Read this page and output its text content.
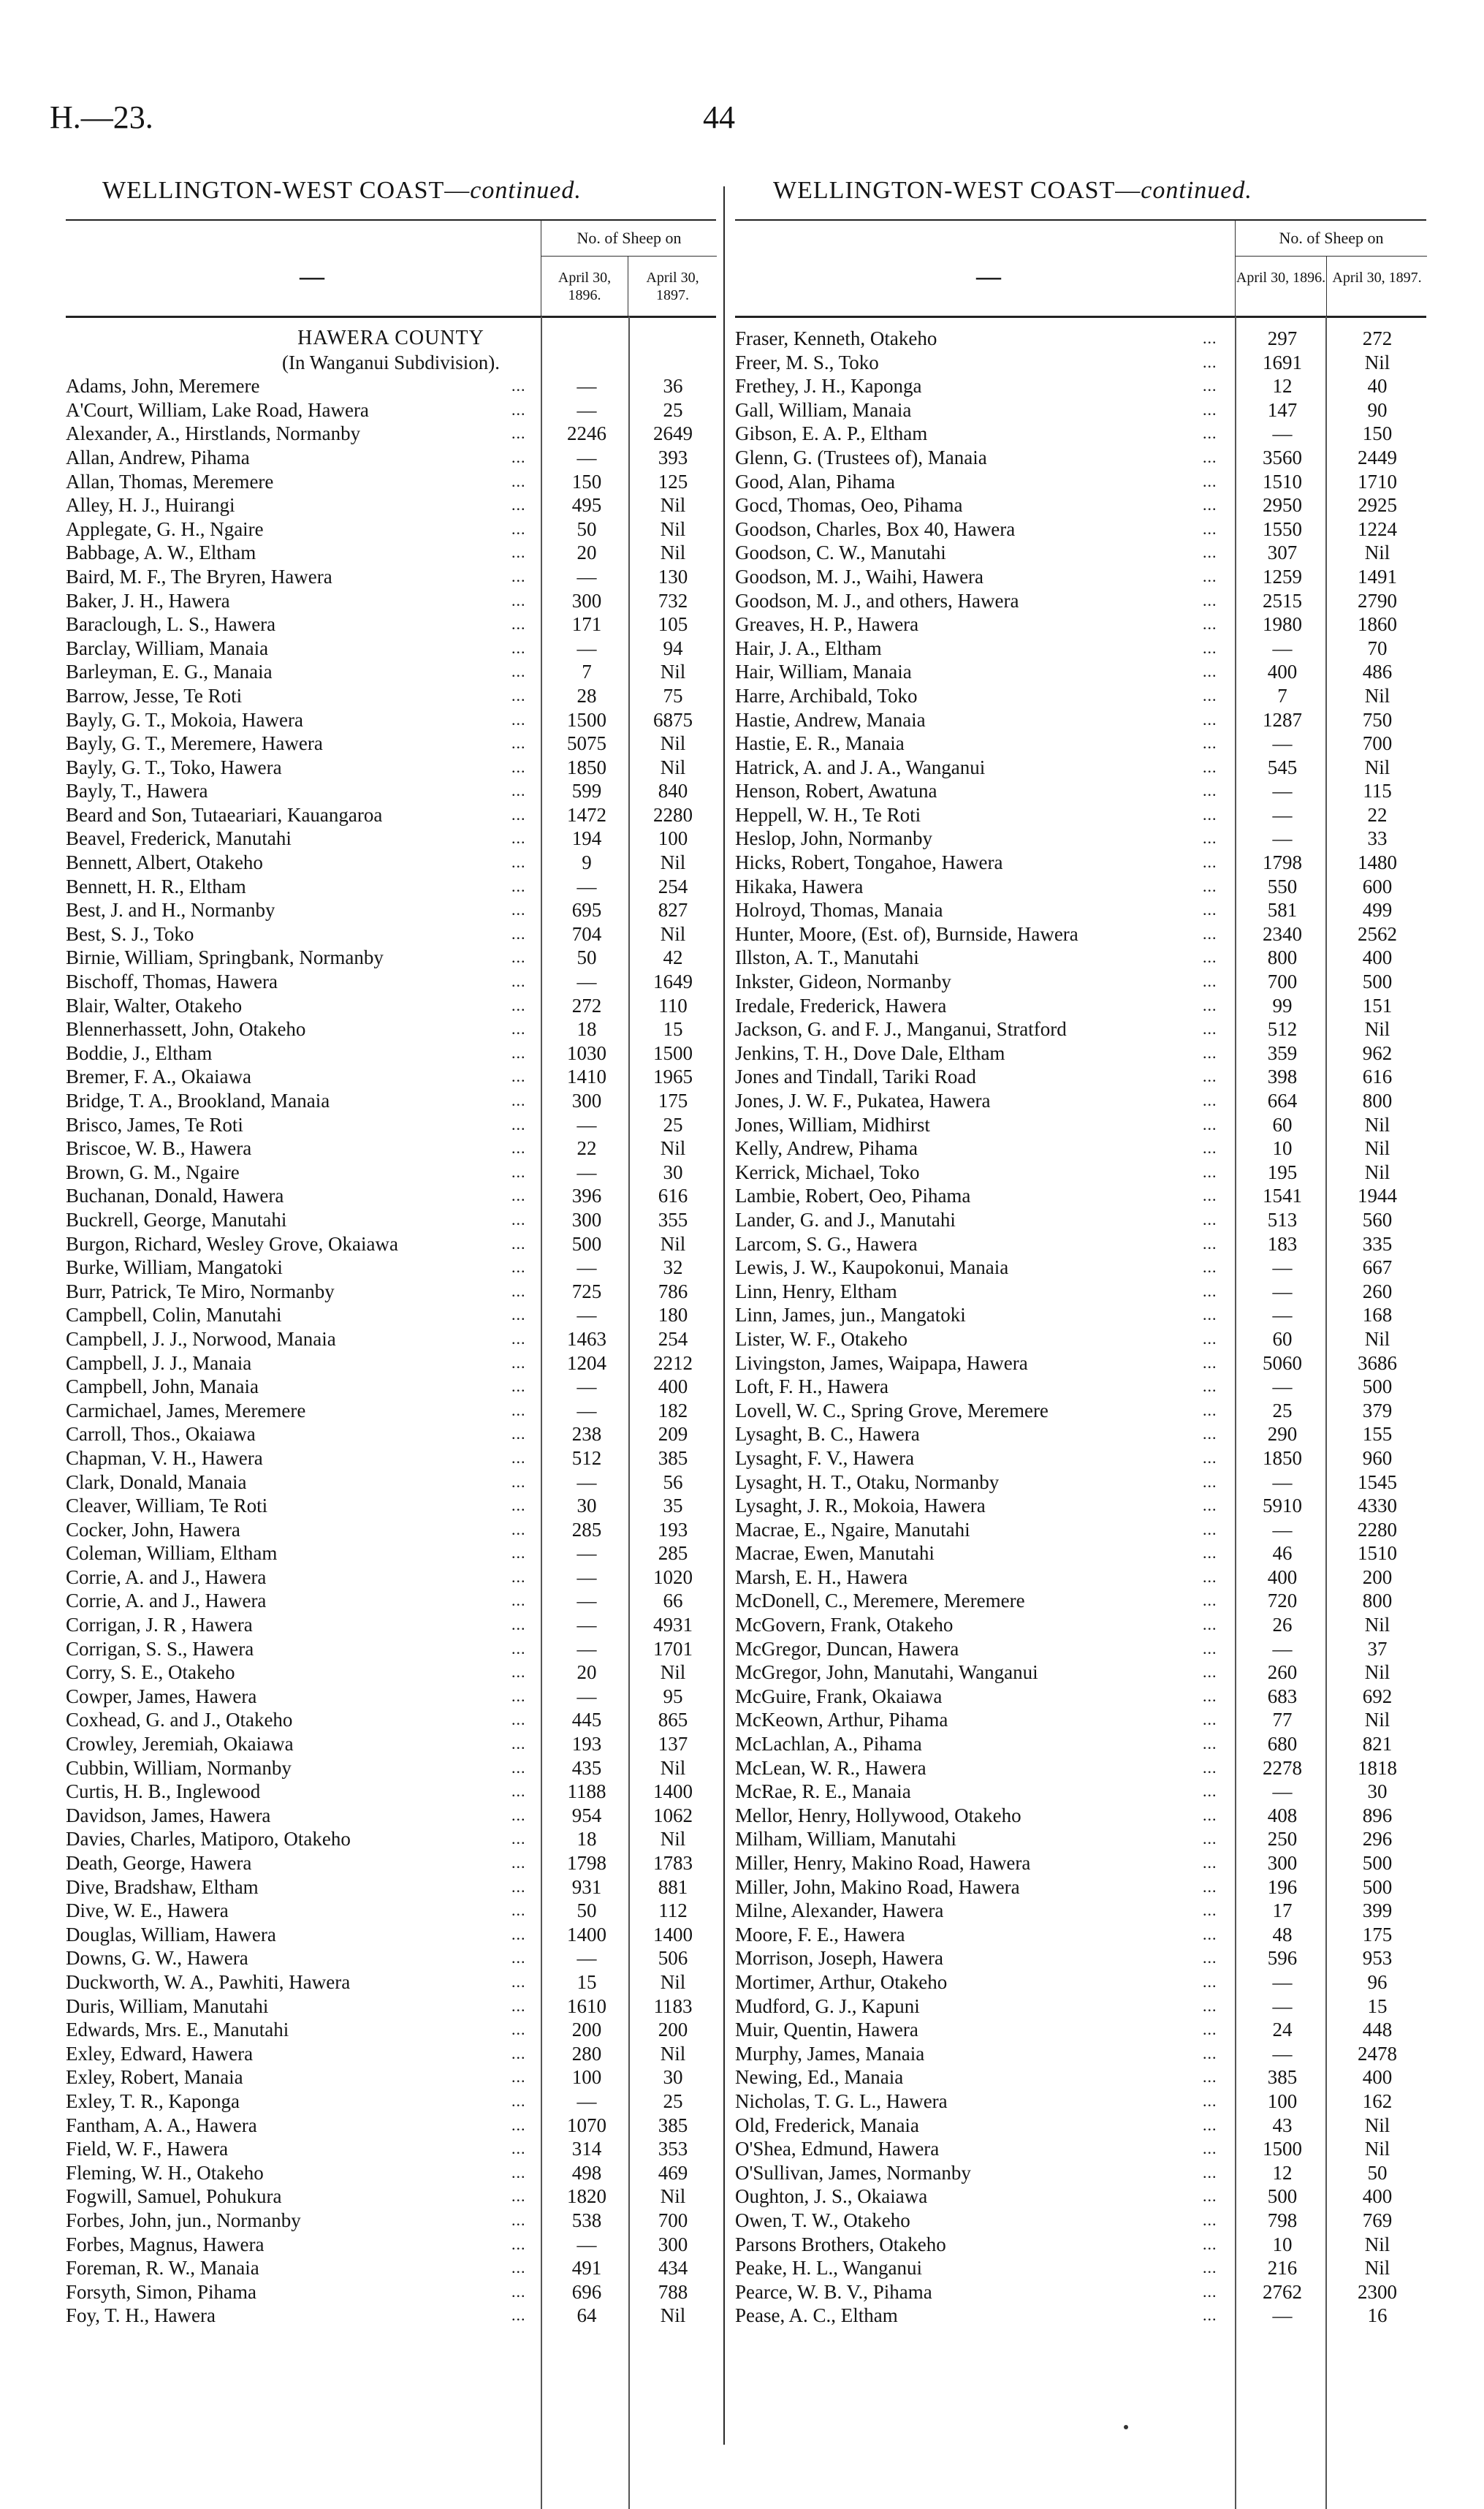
H.—23.	44
WELLINGTON-WEST COAST—continued.	WELLINGTON-WEST COAST—continued.
—
No. of Sheep on
April 30, 1896.
April 30, 1897.
HAWERA COUNTY
(In Wanganui Subdivision).
Adams, John, Meremere	...	—	36
A'Court, William, Lake Road, Hawera	...	—	25
Alexander, A., Hirstlands, Normanby	...	2246	2649
Allan, Andrew, Pihama	...	—	393
Allan, Thomas, Meremere	...	150	125
Alley, H. J., Huirangi	...	495	Nil
Applegate, G. H., Ngaire	...	50	Nil
Babbage, A. W., Eltham	...	20	Nil
Baird, M. F., The Bryren, Hawera	...	—	130
Baker, J. H., Hawera	...	300	732
Baraclough, L. S., Hawera	...	171	105
Barclay, William, Manaia	...	—	94
Barleyman, E. G., Manaia	...	7	Nil
Barrow, Jesse, Te Roti	...	28	75
Bayly, G. T., Mokoia, Hawera	...	1500	6875
Bayly, G. T., Meremere, Hawera	...	5075	Nil
Bayly, G. T., Toko, Hawera	...	1850	Nil
Bayly, T., Hawera	...	599	840
Beard and Son, Tutaeariari, Kauangaroa	...	1472	2280
Beavel, Frederick, Manutahi	...	194	100
Bennett, Albert, Otakeho	...	9	Nil
Bennett, H. R., Eltham	...	—	254
Best, J. and H., Normanby	...	695	827
Best, S. J., Toko	...	704	Nil
Birnie, William, Springbank, Normanby	...	50	42
Bischoff, Thomas, Hawera	...	—	1649
Blair, Walter, Otakeho	...	272	110
Blennerhassett, John, Otakeho	...	18	15
Boddie, J., Eltham	...	1030	1500
Bremer, F. A., Okaiawa	...	1410	1965
Bridge, T. A., Brookland, Manaia	...	300	175
Brisco, James, Te Roti	...	—	25
Briscoe, W. B., Hawera	...	22	Nil
Brown, G. M., Ngaire	...	—	30
Buchanan, Donald, Hawera	...	396	616
Buckrell, George, Manutahi	...	300	355
Burgon, Richard, Wesley Grove, Okaiawa	...	500	Nil
Burke, William, Mangatoki	...	—	32
Burr, Patrick, Te Miro, Normanby	...	725	786
Campbell, Colin, Manutahi	...	—	180
Campbell, J. J., Norwood, Manaia	...	1463	254
Campbell, J. J., Manaia	...	1204	2212
Campbell, John, Manaia	...	—	400
Carmichael, James, Meremere	...	—	182
Carroll, Thos., Okaiawa	...	238	209
Chapman, V. H., Hawera	...	512	385
Clark, Donald, Manaia	...	—	56
Cleaver, William, Te Roti	...	30	35
Cocker, John, Hawera	...	285	193
Coleman, William, Eltham	...	—	285
Corrie, A. and J., Hawera	...	—	1020
Corrie, A. and J., Hawera	...	—	66
Corrigan, J. R , Hawera	...	—	4931
Corrigan, S. S., Hawera	...	—	1701
Corry, S. E., Otakeho	...	20	Nil
Cowper, James, Hawera	...	—	95
Coxhead, G. and J., Otakeho	...	445	865
Crowley, Jeremiah, Okaiawa	...	193	137
Cubbin, William, Normanby	...	435	Nil
Curtis, H. B., Inglewood	...	1188	1400
Davidson, James, Hawera	...	954	1062
Davies, Charles, Matiporo, Otakeho	...	18	Nil
Death, George, Hawera	...	1798	1783
Dive, Bradshaw, Eltham	...	931	881
Dive, W. E., Hawera	...	50	112
Douglas, William, Hawera	...	1400	1400
Downs, G. W., Hawera	...	—	506
Duckworth, W. A., Pawhiti, Hawera	...	15	Nil
Duris, William, Manutahi	...	1610	1183
Edwards, Mrs. E., Manutahi	...	200	200
Exley, Edward, Hawera	...	280	Nil
Exley, Robert, Manaia	...	100	30
Exley, T. R., Kaponga	...	—	25
Fantham, A. A., Hawera	...	1070	385
Field, W. F., Hawera	...	314	353
Fleming, W. H., Otakeho	...	498	469
Fogwill, Samuel, Pohukura	...	1820	Nil
Forbes, John, jun., Normanby	...	538	700
Forbes, Magnus, Hawera	...	—	300
Foreman, R. W., Manaia	...	491	434
Forsyth, Simon, Pihama	...	696	788
Foy, T. H., Hawera	...	64	Nil
—
No. of Sheep on
April 30, 1896. April 30, 1897.
Fraser, Kenneth, Otakeho	...	297	272
Freer, M. S., Toko	...	1691	Nil
Frethey, J. H., Kaponga	...	12	40
Gall, William, Manaia	...	147	90
Gibson, E. A. P., Eltham	...	—	150
Glenn, G. (Trustees of), Manaia	...	3560	2449
Good, Alan, Pihama	...	1510	1710
Gocd, Thomas, Oeo, Pihama	...	2950	2925
Goodson, Charles, Box 40, Hawera	...	1550	1224
Goodson, C. W., Manutahi	...	307	Nil
Goodson, M. J., Waihi, Hawera	...	1259	1491
Goodson, M. J., and others, Hawera	...	2515	2790
Greaves, H. P., Hawera	...	1980	1860
Hair, J. A., Eltham	...	—	70
Hair, William, Manaia	...	400	486
Harre, Archibald, Toko	...	7	Nil
Hastie, Andrew, Manaia	...	1287	750
Hastie, E. R., Manaia	...	—	700
Hatrick, A. and J. A., Wanganui	...	545	Nil
Henson, Robert, Awatuna	...	—	115
Heppell, W. H., Te Roti	...	—	22
Heslop, John, Normanby	...	—	33
Hicks, Robert, Tongahoe, Hawera	...	1798	1480
Hikaka, Hawera	...	550	600
Holroyd, Thomas, Manaia	...	581	499
Hunter, Moore, (Est. of), Burnside, Hawera	...	2340	2562
Illston, A. T., Manutahi	...	800	400
Inkster, Gideon, Normanby	...	700	500
Iredale, Frederick, Hawera	...	99	151
Jackson, G. and F. J., Manganui, Stratford	...	512	Nil
Jenkins, T. H., Dove Dale, Eltham	...	359	962
Jones and Tindall, Tariki Road	...	398	616
Jones, J. W. F., Pukatea, Hawera	...	664	800
Jones, William, Midhirst	...	60	Nil
Kelly, Andrew, Pihama	...	10	Nil
Kerrick, Michael, Toko	...	195	Nil
Lambie, Robert, Oeo, Pihama	...	1541	1944
Lander, G. and J., Manutahi	...	513	560
Larcom, S. G., Hawera	...	183	335
Lewis, J. W., Kaupokonui, Manaia	...	—	667
Linn, Henry, Eltham	...	—	260
Linn, James, jun., Mangatoki	...	—	168
Lister, W. F., Otakeho	...	60	Nil
Livingston, James, Waipapa, Hawera	...	5060	3686
Loft, F. H., Hawera	...	—	500
Lovell, W. C., Spring Grove, Meremere	...	25	379
Lysaght, B. C., Hawera	...	290	155
Lysaght, F. V., Hawera	...	1850	960
Lysaght, H. T., Otaku, Normanby	...	—	1545
Lysaght, J. R., Mokoia, Hawera	...	5910	4330
Macrae, E., Ngaire, Manutahi	...	—	2280
Macrae, Ewen, Manutahi	...	46	1510
Marsh, E. H., Hawera	...	400	200
McDonell, C., Meremere, Meremere	...	720	800
McGovern, Frank, Otakeho	...	26	Nil
McGregor, Duncan, Hawera	...	—	37
McGregor, John, Manutahi, Wanganui	...	260	Nil
McGuire, Frank, Okaiawa	...	683	692
McKeown, Arthur, Pihama	...	77	Nil
McLachlan, A., Pihama	...	680	821
McLean, W. R., Hawera	...	2278	1818
McRae, R. E., Manaia	...	—	30
Mellor, Henry, Hollywood, Otakeho	...	408	896
Milham, William, Manutahi	...	250	296
Miller, Henry, Makino Road, Hawera	...	300	500
Miller, John, Makino Road, Hawera	...	196	500
Milne, Alexander, Hawera	...	17	399
Moore, F. E., Hawera	...	48	175
Morrison, Joseph, Hawera	...	596	953
Mortimer, Arthur, Otakeho	...	—	96
Mudford, G. J., Kapuni	...	—	15
Muir, Quentin, Hawera	...	24	448
Murphy, James, Manaia	...	—	2478
Newing, Ed., Manaia	...	385	400
Nicholas, T. G. L., Hawera	...	100	162
Old, Frederick, Manaia	...	43	Nil
O'Shea, Edmund, Hawera	...	1500	Nil
O'Sullivan, James, Normanby	...	12	50
Oughton, J. S., Okaiawa	...	500	400
Owen, T. W., Otakeho	...	798	769
Parsons Brothers, Otakeho	...	10	Nil
Peake, H. L., Wanganui	...	216	Nil
Pearce, W. B. V., Pihama	...	2762	2300
Pease, A. C., Eltham	...	—	16
